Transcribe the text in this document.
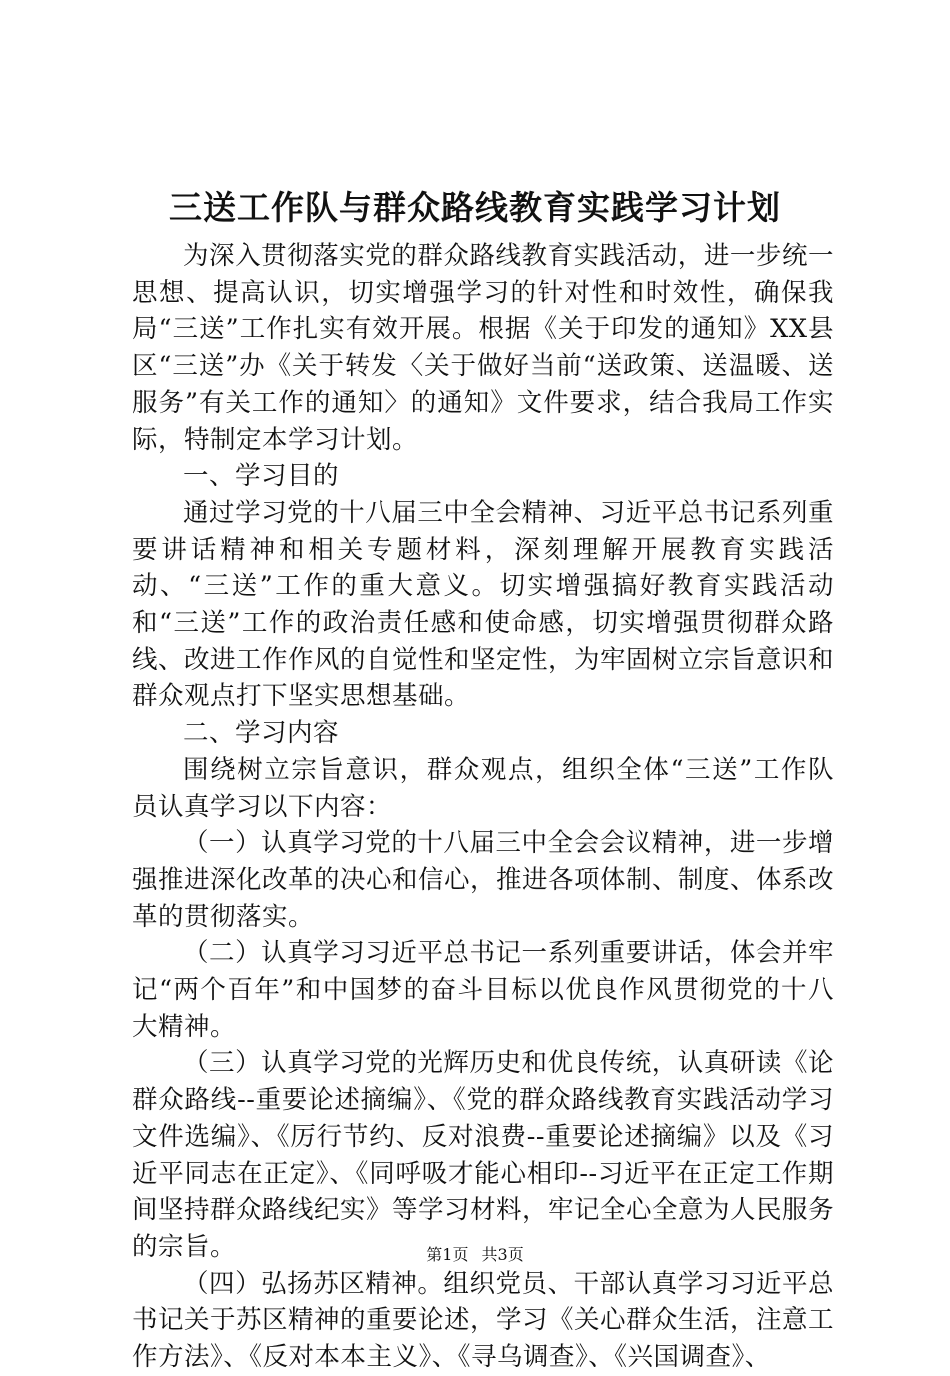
三送工作队与群众路线教育实践学习计划

为深入贯彻落实党的群众路线教育实践活动，进一步统一思想、提高认识，切实增强学习的针对性和时效性，确保我局“三送”工作扎实有效开展。根据《关于印发的通知》XX县区“三送”办《关于转发〈关于做好当前“送政策、送温暖、送服务”有关工作的通知〉的通知》文件要求，结合我局工作实际，特制定本学习计划。

一、学习目的

通过学习党的十八届三中全会精神、习近平总书记系列重要讲话精神和相关专题材料，深刻理解开展教育实践活动、“三送”工作的重大意义。切实增强搞好教育实践活动和“三送”工作的政治责任感和使命感，切实增强贯彻群众路线、改进工作作风的自觉性和坚定性，为牢固树立宗旨意识和群众观点打下坚实思想基础。

二、学习内容

围绕树立宗旨意识，群众观点，组织全体“三送”工作队员认真学习以下内容：

（一）认真学习党的十八届三中全会会议精神，进一步增强推进深化改革的决心和信心，推进各项体制、制度、体系改革的贯彻落实。

（二）认真学习习近平总书记一系列重要讲话，体会并牢记“两个百年”和中国梦的奋斗目标以优良作风贯彻党的十八大精神。

（三）认真学习党的光辉历史和优良传统，认真研读《论群众路线--重要论述摘编》、《党的群众路线教育实践活动学习文件选编》、《厉行节约、反对浪费--重要论述摘编》以及《习近平同志在正定》、《同呼吸才能心相印--习近平在正定工作期间坚持群众路线纪实》等学习材料，牢记全心全意为人民服务的宗旨。

（四）弘扬苏区精神。组织党员、干部认真学习习近平总书记关于苏区精神的重要论述，学习《关心群众生活，注意工作方法》、《反对本本主义》、《寻乌调查》、《兴国调查》、

第1页 共3页
